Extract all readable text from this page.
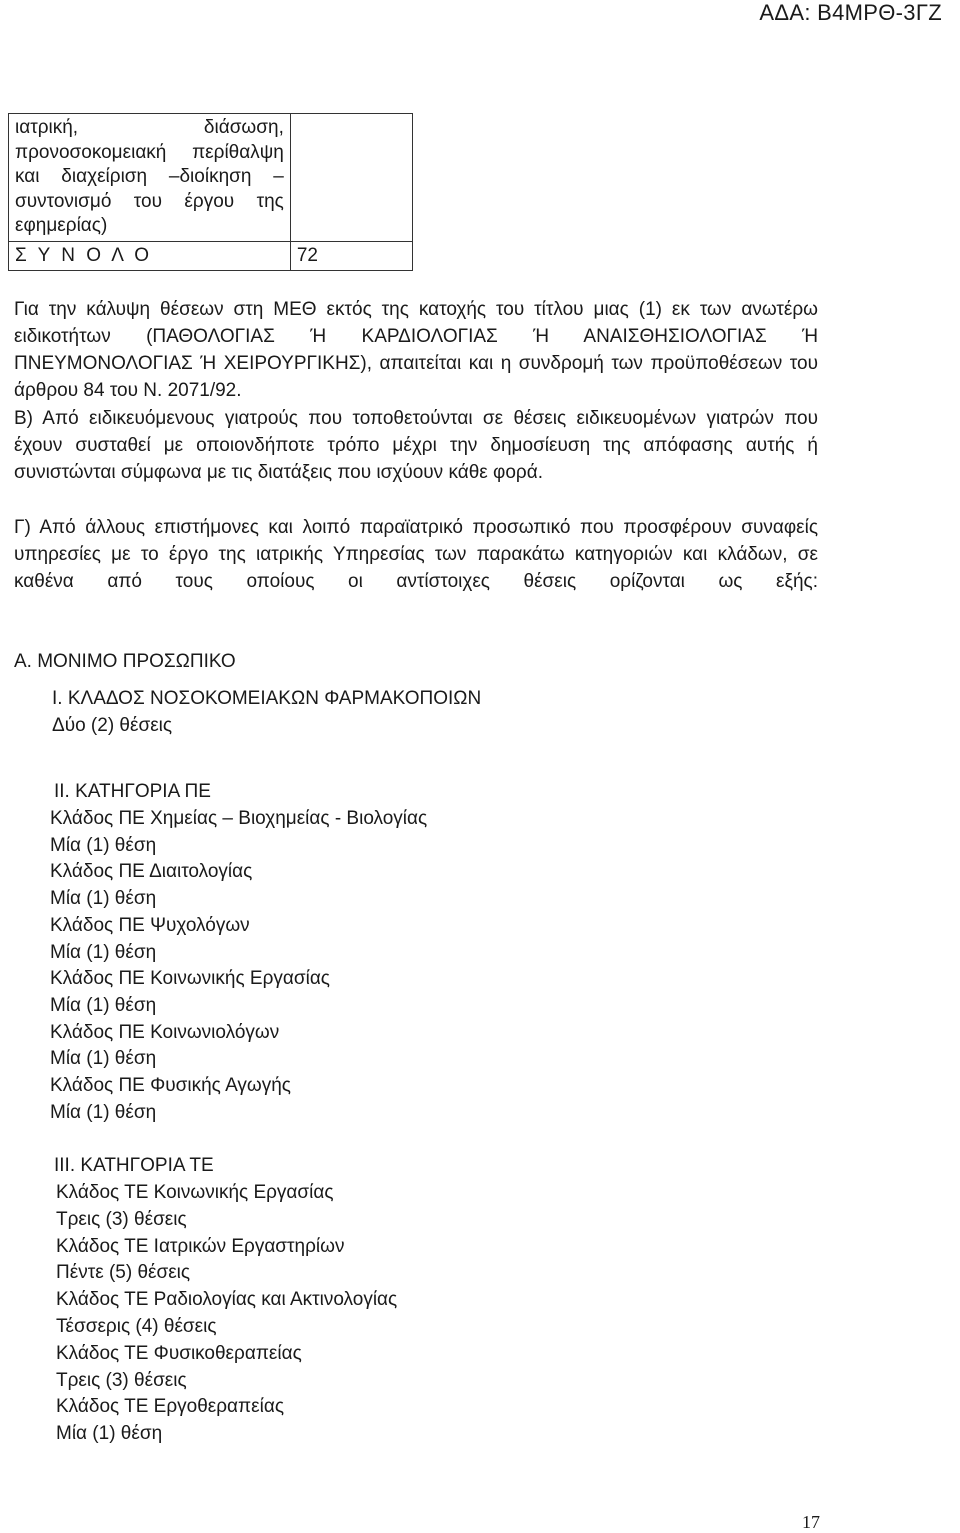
ΑΔΑ: Β4ΜΡΘ-3ΓΖ
ιατρική, διάσωση, προνοσοκομειακή περίθαλψη και διαχείριση –διοίκηση – συντονισμό του έργου της εφημερίας)	
Σ Υ Ν Ο Λ Ο	72
Για την κάλυψη θέσεων στη ΜΕΘ εκτός της κατοχής του τίτλου μιας (1) εκ των ανωτέρω ειδικοτήτων (ΠΑΘΟΛΟΓΙΑΣ Ή ΚΑΡΔΙΟΛΟΓΙΑΣ Ή ΑΝΑΙΣΘΗΣΙΟΛΟΓΙΑΣ Ή ΠΝΕΥΜΟΝΟΛΟΓΙΑΣ Ή ΧΕΙΡΟΥΡΓΙΚΗΣ), απαιτείται και η συνδρομή των προϋποθέσεων του άρθρου 84 του Ν. 2071/92.
Β) Από ειδικευόμενους γιατρούς που τοποθετούνται σε θέσεις ειδικευομένων γιατρών που έχουν συσταθεί με οποιονδήποτε τρόπο μέχρι την δημοσίευση της απόφασης αυτής ή συνιστώνται σύμφωνα με τις διατάξεις που ισχύουν κάθε φορά.
Γ) Από άλλους επιστήμονες και λοιπό παραϊατρικό προσωπικό που προσφέρουν συναφείς υπηρεσίες με το έργο της ιατρικής Υπηρεσίας των παρακάτω κατηγοριών και κλάδων, σε καθένα από τους οποίους οι αντίστοιχες θέσεις ορίζονται ως εξής:
Α. ΜΟΝΙΜΟ ΠΡΟΣΩΠΙΚΟ
Ι. ΚΛΑΔΟΣ ΝΟΣΟΚΟΜΕΙΑΚΩΝ ΦΑΡΜΑΚΟΠΟΙΩΝ
Δύο (2) θέσεις
ΙΙ. ΚΑΤΗΓΟΡΙΑ ΠΕ
Κλάδος ΠΕ Χημείας – Βιοχημείας - Βιολογίας
Μία (1) θέση
Κλάδος ΠΕ Διαιτολογίας
Μία (1) θέση
Κλάδος ΠΕ Ψυχολόγων
Μία (1) θέση
Κλάδος ΠΕ Κοινωνικής Εργασίας
Μία (1) θέση
Κλάδος ΠΕ Κοινωνιολόγων
Μία (1) θέση
Κλάδος ΠΕ Φυσικής Αγωγής
Μία (1) θέση
ΙΙΙ. ΚΑΤΗΓΟΡΙΑ ΤΕ
Κλάδος ΤΕ Κοινωνικής Εργασίας
Τρεις (3) θέσεις
Κλάδος ΤΕ Ιατρικών Εργαστηρίων
Πέντε (5) θέσεις
Κλάδος ΤΕ Ραδιολογίας και Ακτινολογίας
Τέσσερις (4) θέσεις
Κλάδος ΤΕ Φυσικοθεραπείας
Τρεις (3) θέσεις
Κλάδος ΤΕ Εργοθεραπείας
Μία (1) θέση
17
